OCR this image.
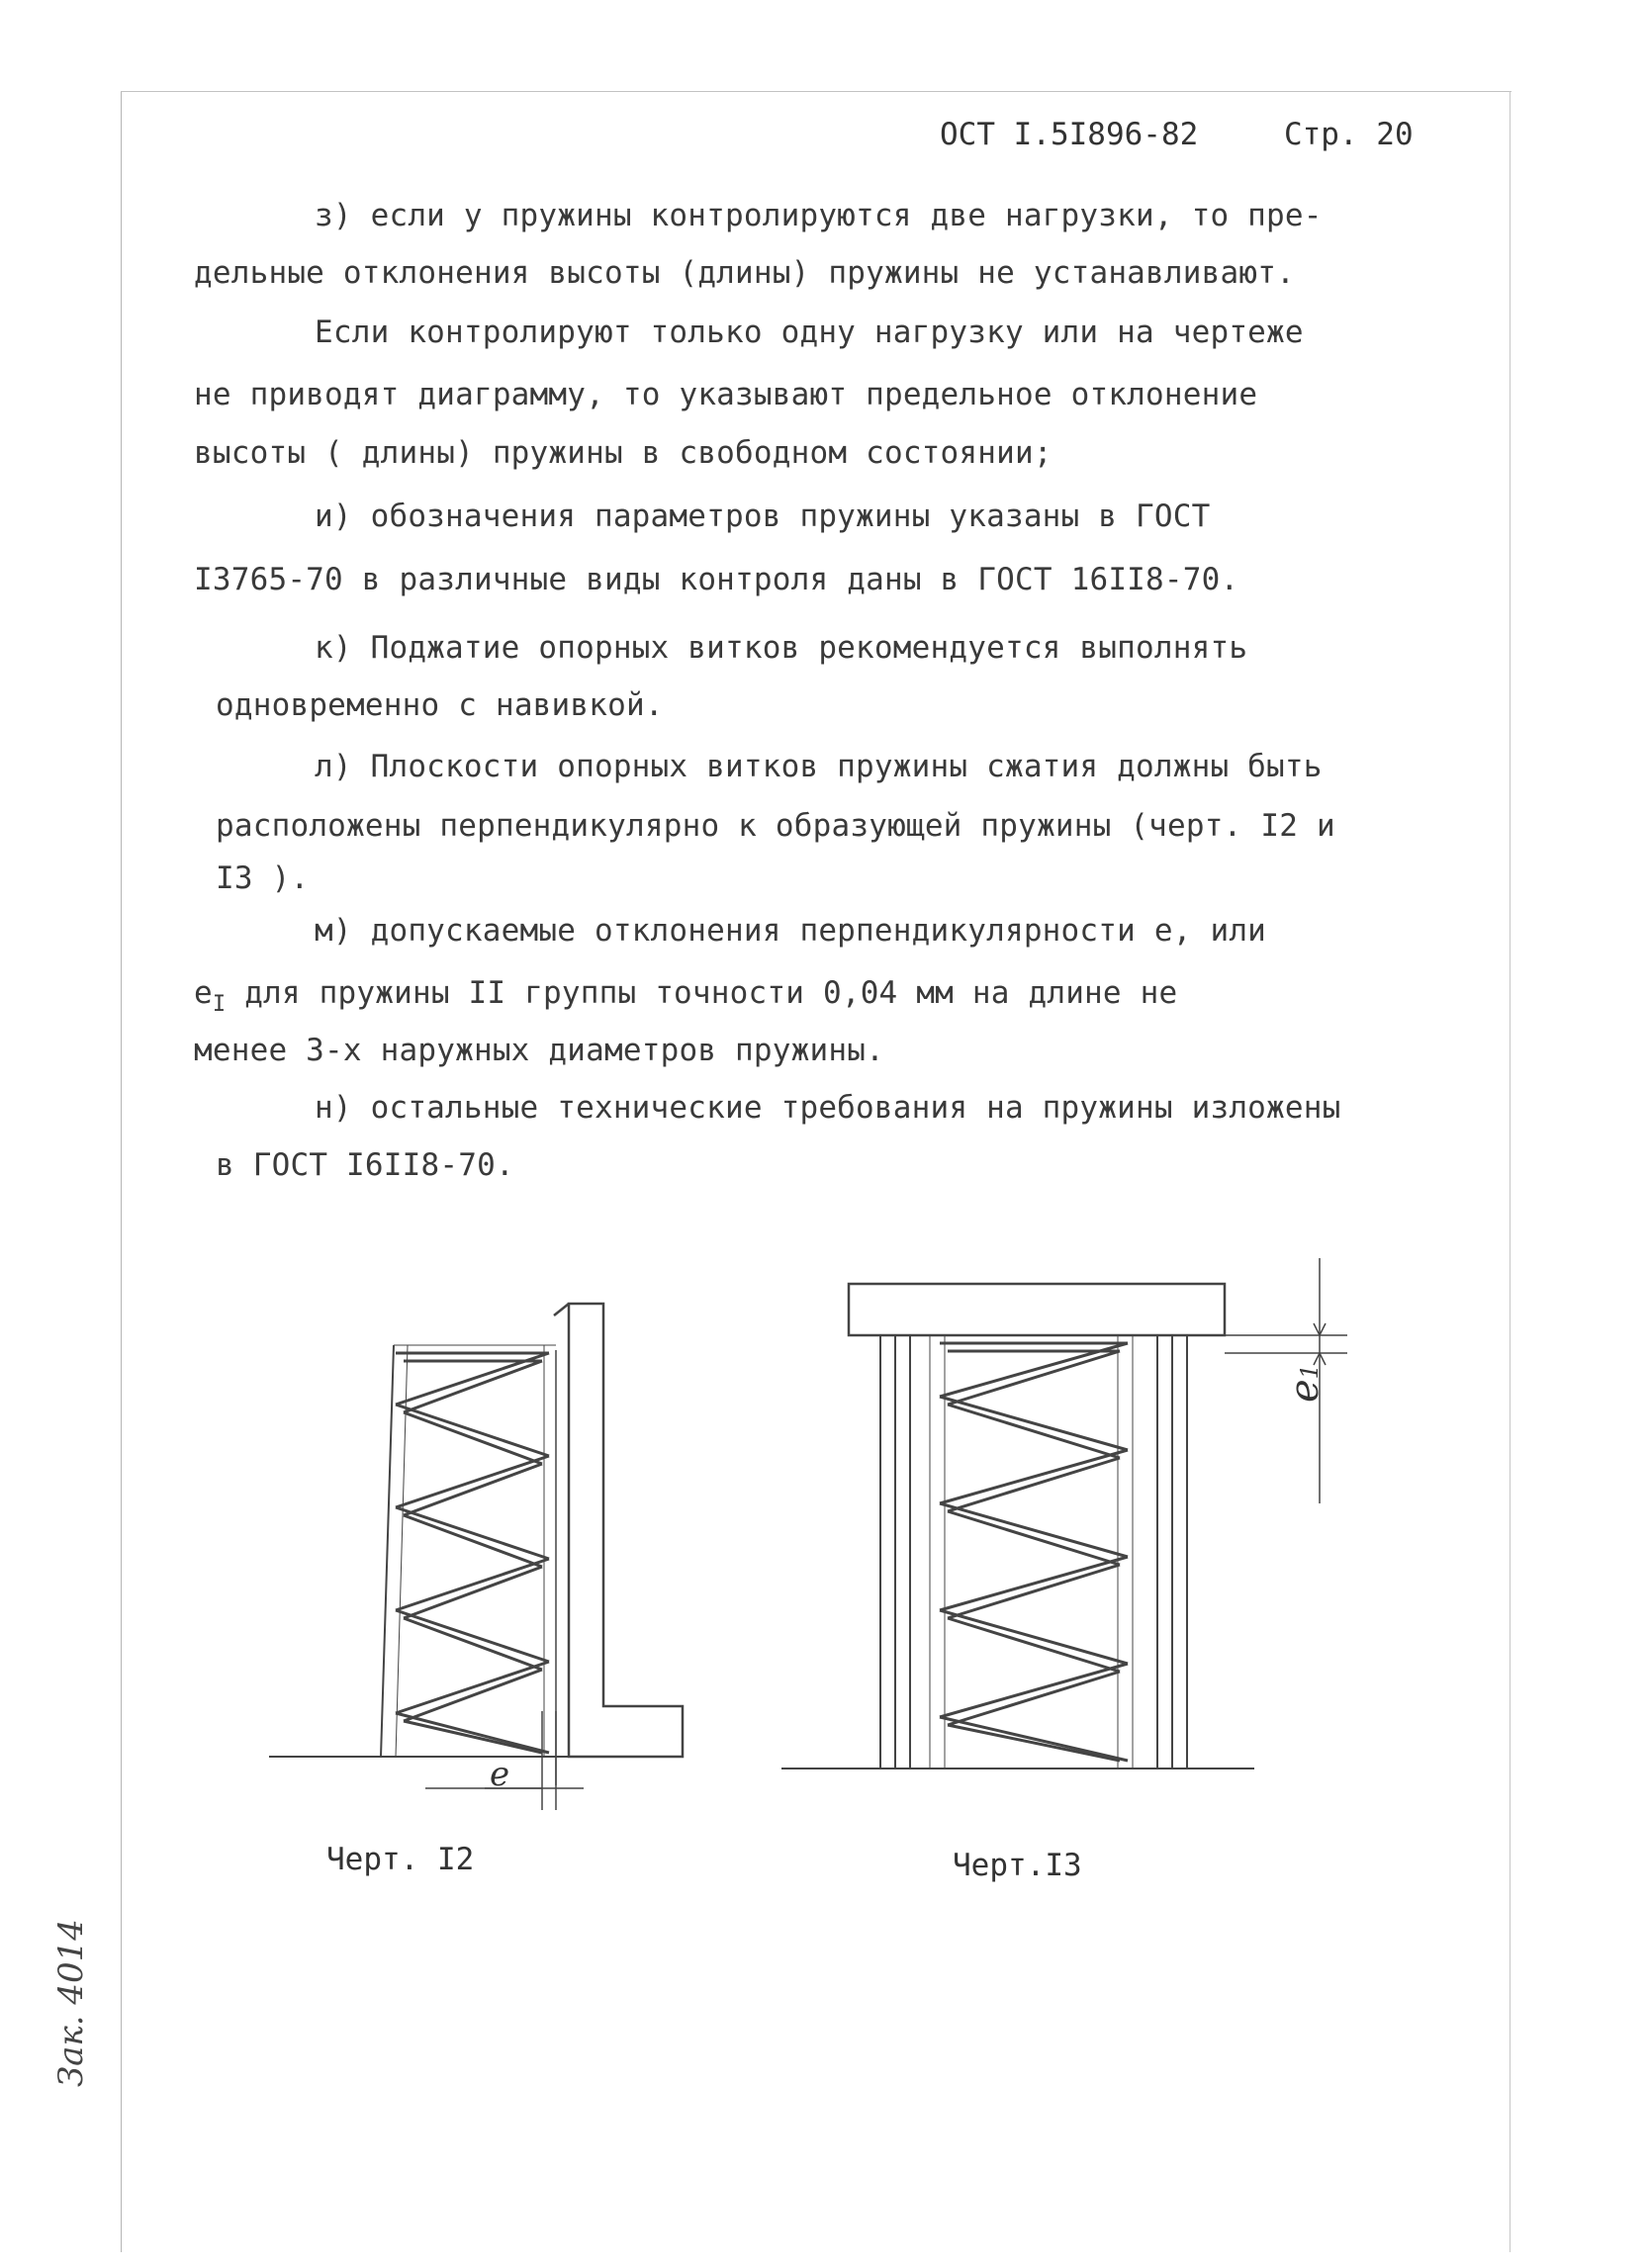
ОСТ I.5I896-82	Стр. 20
з) если у пружины контролируются две нагрузки, то пре-
дельные отклонения высоты (длины) пружины не устанавливают.
Если контролируют только одну нагрузку или на чертеже
не приводят диаграмму, то указывают предельное отклонение
высоты ( длины) пружины в свободном состоянии;
и) обозначения параметров пружины указаны в ГОСТ
I3765-70 в различные виды контроля даны в ГОСТ 16II8-70.
к) Поджатие опорных витков рекомендуется выполнять
одновременно с навивкой.
л) Плоскости опорных витков пружины сжатия должны быть
расположены перпендикулярно к образующей пружины (черт. I2 и
I3 ).
м) допускаемые отклонения перпендикулярности е, или
$е_I$ для пружины II группы точности 0,04 мм на длине не
менее 3-х наружных диаметров пружины.
н) остальные технические требования на пружины изложены
в ГОСТ I6II8-70.
e
Черт. I2
e1
Черт.I3
Зак. 4014
